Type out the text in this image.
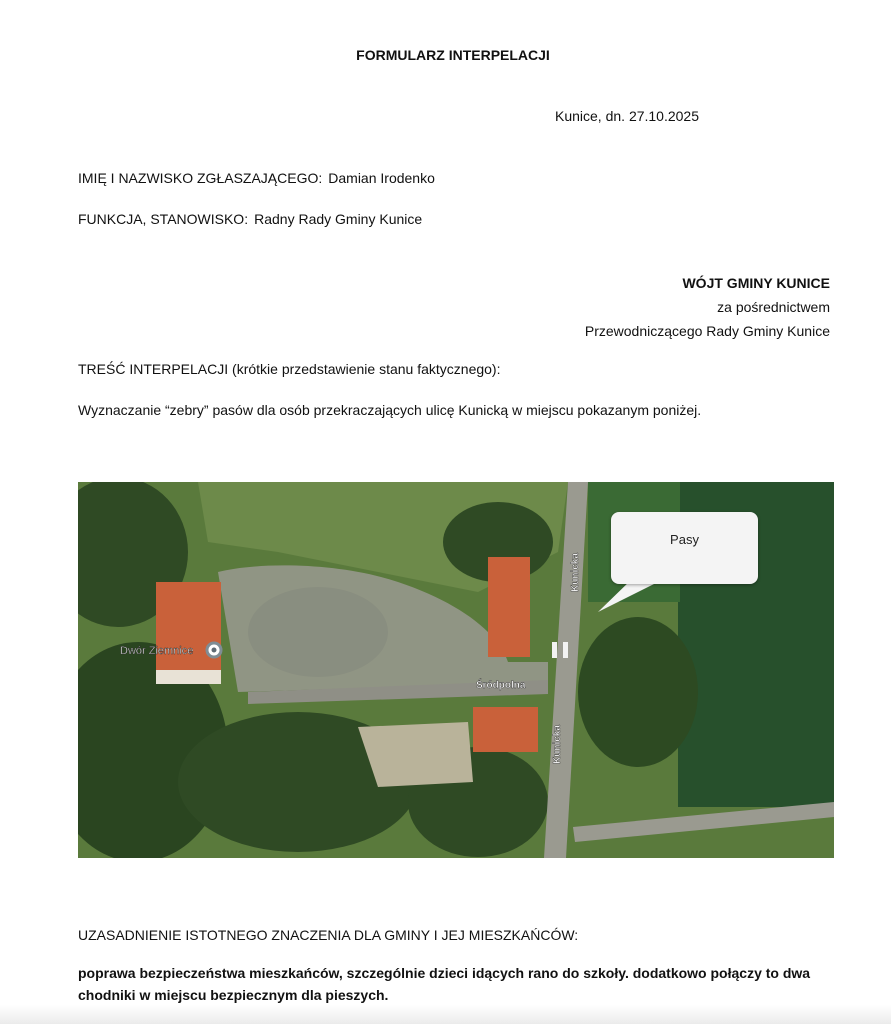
FORMULARZ INTERPELACJI
Kunice, dn. 27.10.2025
IMIĘ I NAZWISKO ZGŁASZAJĄCEGO: Damian Irodenko
FUNKCJA, STANOWISKO: Radny Rady Gminy Kunice
WÓJT GMINY KUNICE
za pośrednictwem
Przewodniczącego Rady Gminy Kunice
TREŚĆ INTERPELACJI (krótkie przedstawienie stanu faktycznego):
Wyznaczanie “zebry” pasów dla osób przekraczających ulicę Kunicką w miejscu pokazanym poniżej.
Dwór Ziemnice
Kunicka
Kunicka
Śródpolna
Pasy
UZASADNIENIE ISTOTNEGO ZNACZENIA DLA GMINY I JEJ MIESZKAŃCÓW:
poprawa bezpieczeństwa mieszkańców, szczególnie dzieci idących rano do szkoły. dodatkowo połączy to dwa chodniki w miejscu bezpiecznym dla pieszych.
